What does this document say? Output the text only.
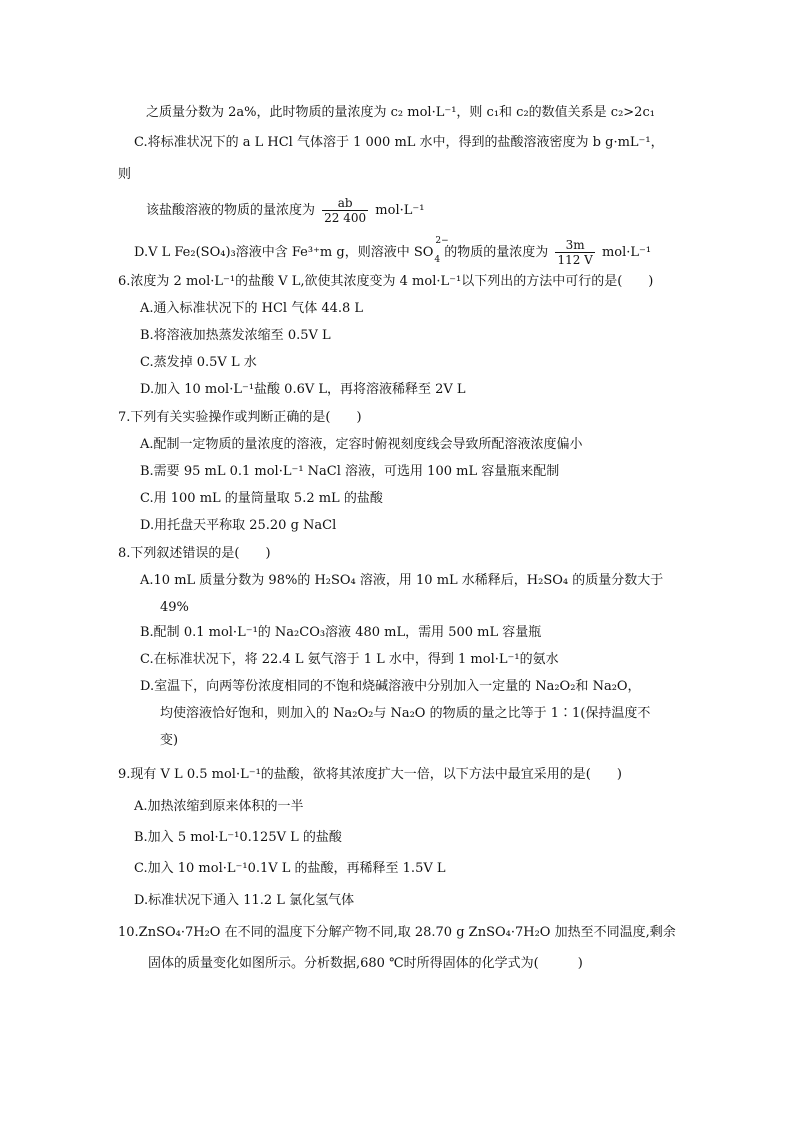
之质量分数为 2a%，此时物质的量浓度为 c₂ mol·L⁻¹，则 c₁和 c₂的数值关系是 c₂>2c₁
C.将标准状况下的 a L HCl 气体溶于 1 000 mL 水中，得到的盐酸溶液密度为 b g·mL⁻¹，
则
该盐酸溶液的物质的量浓度为 $\frac{ab}{22 400} mol\cdot L^{-1}$
D.V L Fe₂(SO₄)₃溶液中含 Fe³⁺m g，则溶液中 SO
2−
$_4$ 的物质的量浓度为 $\frac{3m}{112 V} mol\cdot L^{-1}$
6.浓度为 2 mol·L⁻¹的盐酸 V L,欲使其浓度变为 4 mol·L⁻¹以下列出的方法中可行的是(　　)
A.通入标准状况下的 HCl 气体 44.8 L
B.将溶液加热蒸发浓缩至 0.5V L
C.蒸发掉 0.5V L 水
D.加入 10 mol·L⁻¹盐酸 0.6V L，再将溶液稀释至 2V L
7.下列有关实验操作或判断正确的是(　　)
A.配制一定物质的量浓度的溶液，定容时俯视刻度线会导致所配溶液浓度偏小
B.需要 95 mL 0.1 mol·L⁻¹ NaCl 溶液，可选用 100 mL 容量瓶来配制
C.用 100 mL 的量筒量取 5.2 mL 的盐酸
D.用托盘天平称取 25.20 g NaCl
8.下列叙述错误的是(　　)
A.10 mL 质量分数为 98%的 H₂SO₄ 溶液，用 10 mL 水稀释后，H₂SO₄ 的质量分数大于
49%
B.配制 0.1 mol·L⁻¹的 Na₂CO₃溶液 480 mL，需用 500 mL 容量瓶
C.在标准状况下，将 22.4 L 氨气溶于 1 L 水中，得到 1 mol·L⁻¹的氨水
D.室温下，向两等份浓度相同的不饱和烧碱溶液中分别加入一定量的 Na₂O₂和 Na₂O，
均使溶液恰好饱和，则加入的 Na₂O₂与 Na₂O 的物质的量之比等于 1∶1(保持温度不
变)
9.现有 V L 0.5 mol·L⁻¹的盐酸，欲将其浓度扩大一倍，以下方法中最宜采用的是(　　)
A.加热浓缩到原来体积的一半
B.加入 5 mol·L⁻¹0.125V L 的盐酸
C.加入 10 mol·L⁻¹0.1V L 的盐酸，再稀释至 1.5V L
D.标准状况下通入 11.2 L 氯化氢气体
10.ZnSO₄·7H₂O 在不同的温度下分解产物不同,取 28.70 g ZnSO₄·7H₂O 加热至不同温度,剩余
固体的质量变化如图所示。分析数据,680 ℃时所得固体的化学式为(　　　)
